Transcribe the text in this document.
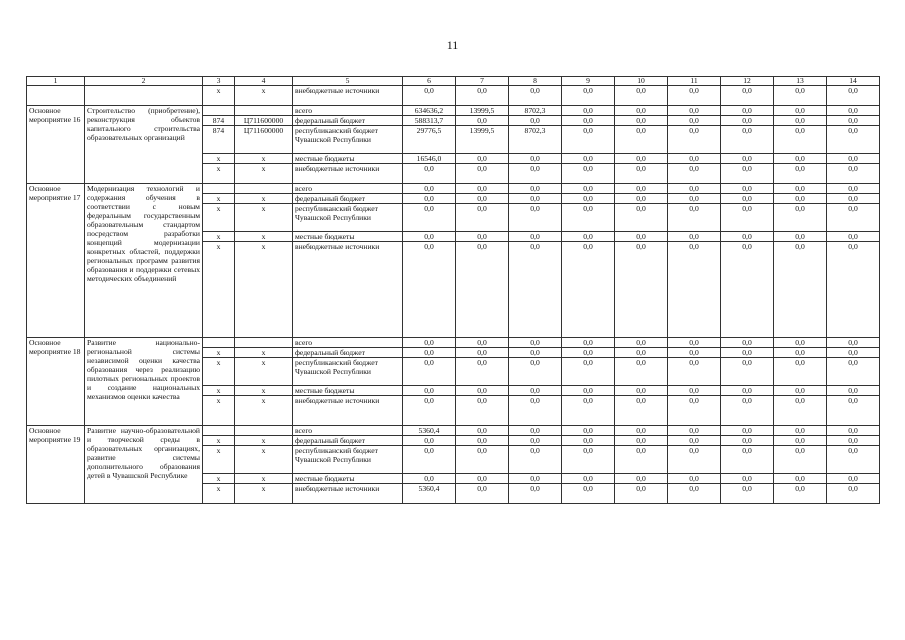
11
1	2	3	4	5	6	7	8	9	10	11	12	13	14
		х	х	внебюджетные источники	0,0	0,0	0,0	0,0	0,0	0,0	0,0	0,0	0,0
Основное мероприятие 16	Строительство (приобретение), реконструкция объектов капитального строительства образовательных организаций			всего	634636,2	13999,5	8702,3	0,0	0,0	0,0	0,0	0,0	0,0
		874	Ц711600000	федеральный бюджет	588313,7	0,0	0,0	0,0	0,0	0,0	0,0	0,0	0,0
		874	Ц711600000	республиканский бюджет Чувашской Республики	29776,5	13999,5	8702,3	0,0	0,0	0,0	0,0	0,0	0,0
		х	х	местные бюджеты	16546,0	0,0	0,0	0,0	0,0	0,0	0,0	0,0	0,0
		х	х	внебюджетные источники	0,0	0,0	0,0	0,0	0,0	0,0	0,0	0,0	0,0
Основное мероприятие 17	Модернизация технологий и содержания обучения в соответствии с новым федеральным государственным образовательным стандартом посредством разработки концепций модернизации конкретных областей, поддержки региональных программ развития образования и поддержки сетевых методических объединений			всего	0,0	0,0	0,0	0,0	0,0	0,0	0,0	0,0	0,0
		х	х	федеральный бюджет	0,0	0,0	0,0	0,0	0,0	0,0	0,0	0,0	0,0
		х	х	республиканский бюджет Чувашской Республики	0,0	0,0	0,0	0,0	0,0	0,0	0,0	0,0	0,0
		х	х	местные бюджеты	0,0	0,0	0,0	0,0	0,0	0,0	0,0	0,0	0,0
		х	х	внебюджетные источники	0,0	0,0	0,0	0,0	0,0	0,0	0,0	0,0	0,0
Основное мероприятие 18	Развитие национально-региональной системы независимой оценки качества образования через реализацию пилотных региональных проектов и создание национальных механизмов оценки качества			всего	0,0	0,0	0,0	0,0	0,0	0,0	0,0	0,0	0,0
		х	х	федеральный бюджет	0,0	0,0	0,0	0,0	0,0	0,0	0,0	0,0	0,0
		х	х	республиканский бюджет Чувашской Республики	0,0	0,0	0,0	0,0	0,0	0,0	0,0	0,0	0,0
		х	х	местные бюджеты	0,0	0,0	0,0	0,0	0,0	0,0	0,0	0,0	0,0
		х	х	внебюджетные источники	0,0	0,0	0,0	0,0	0,0	0,0	0,0	0,0	0,0
Основное мероприятие 19	Развитие научно-образовательной и творческой среды в образовательных организациях, развитие системы дополнительного образования детей в Чувашской Республике			всего	5360,4	0,0	0,0	0,0	0,0	0,0	0,0	0,0	0,0
		х	х	федеральный бюджет	0,0	0,0	0,0	0,0	0,0	0,0	0,0	0,0	0,0
		х	х	республиканский бюджет Чувашской Республики	0,0	0,0	0,0	0,0	0,0	0,0	0,0	0,0	0,0
		х	х	местные бюджеты	0,0	0,0	0,0	0,0	0,0	0,0	0,0	0,0	0,0
		х	х	внебюджетные источники	5360,4	0,0	0,0	0,0	0,0	0,0	0,0	0,0	0,0
